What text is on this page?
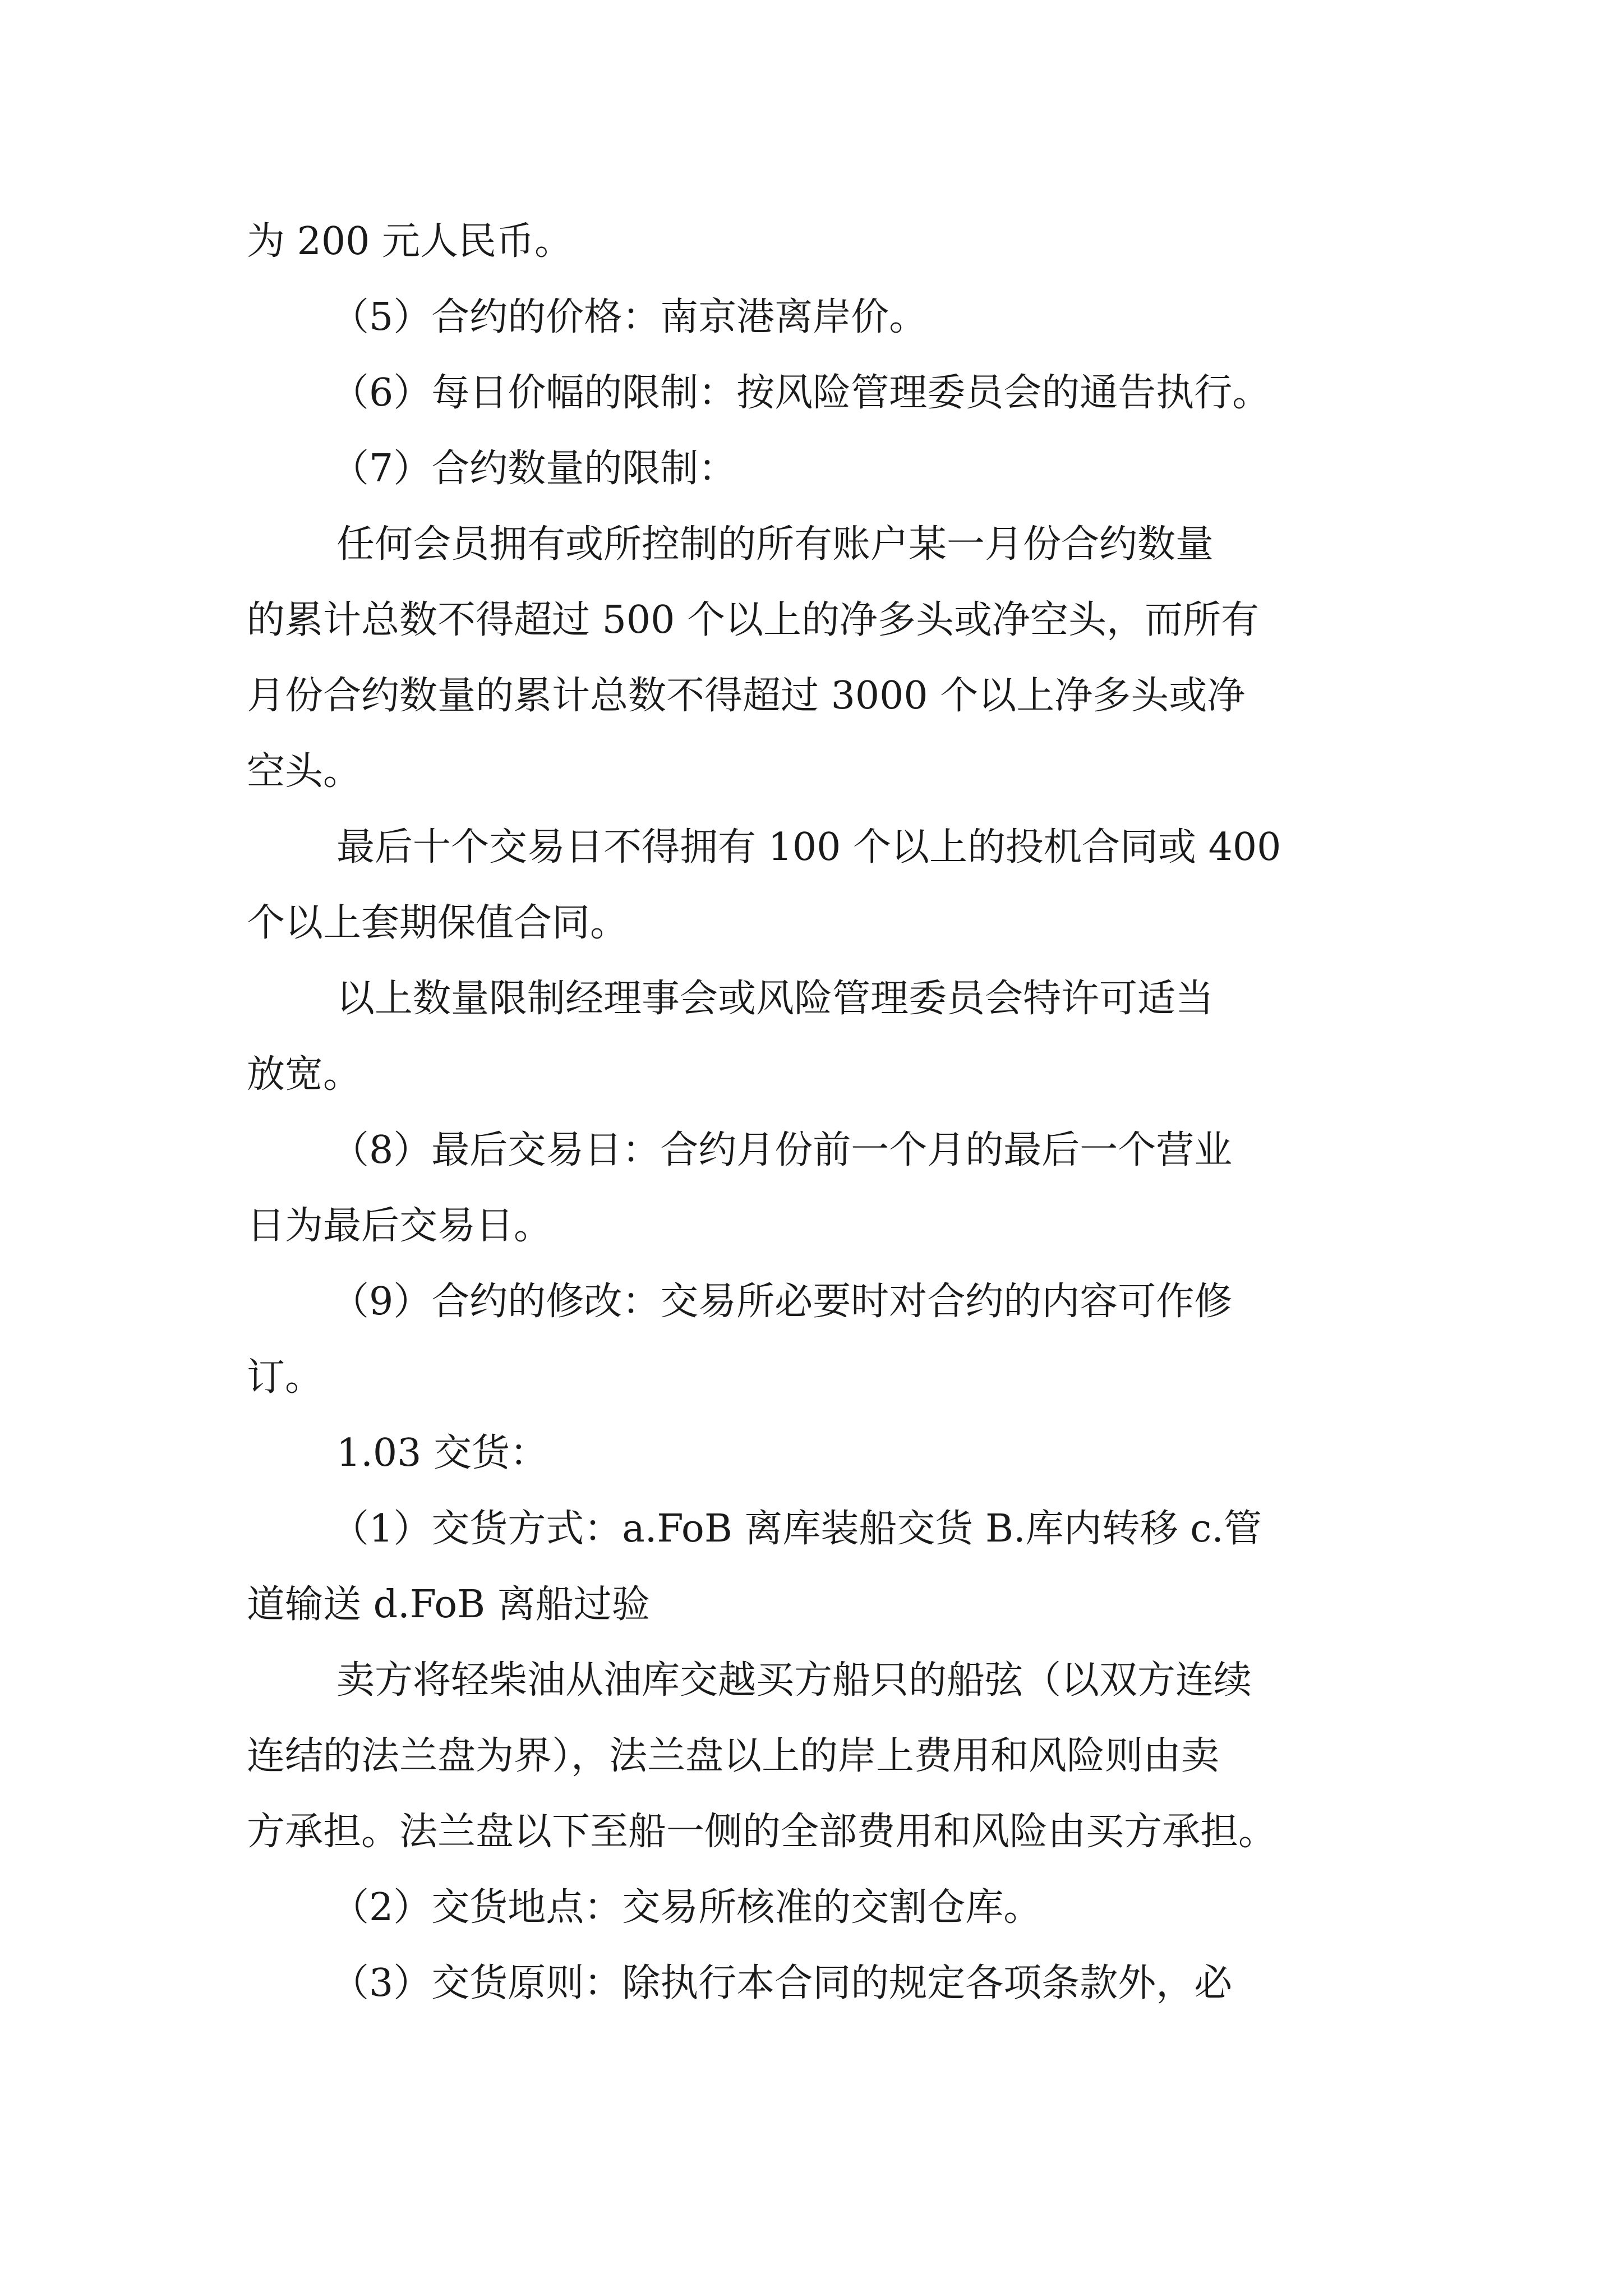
为 200 元人民币。
（5）合约的价格：南京港离岸价。
（6）每日价幅的限制：按风险管理委员会的通告执行。
（7）合约数量的限制：
任何会员拥有或所控制的所有账户某一月份合约数量
的累计总数不得超过 500 个以上的净多头或净空头，而所有
月份合约数量的累计总数不得超过 3000 个以上净多头或净
空头。
最后十个交易日不得拥有 100 个以上的投机合同或 400
个以上套期保值合同。
以上数量限制经理事会或风险管理委员会特许可适当
放宽。
（8）最后交易日：合约月份前一个月的最后一个营业
日为最后交易日。
（9）合约的修改：交易所必要时对合约的内容可作修
订。
1.03 交货：
（1）交货方式：a.FoB 离库装船交货 B.库内转移 c.管
道输送 d.FoB 离船过验
卖方将轻柴油从油库交越买方船只的船弦（以双方连续
连结的法兰盘为界），法兰盘以上的岸上费用和风险则由卖
方承担。法兰盘以下至船一侧的全部费用和风险由买方承担。
（2）交货地点：交易所核准的交割仓库。
（3）交货原则：除执行本合同的规定各项条款外，必
